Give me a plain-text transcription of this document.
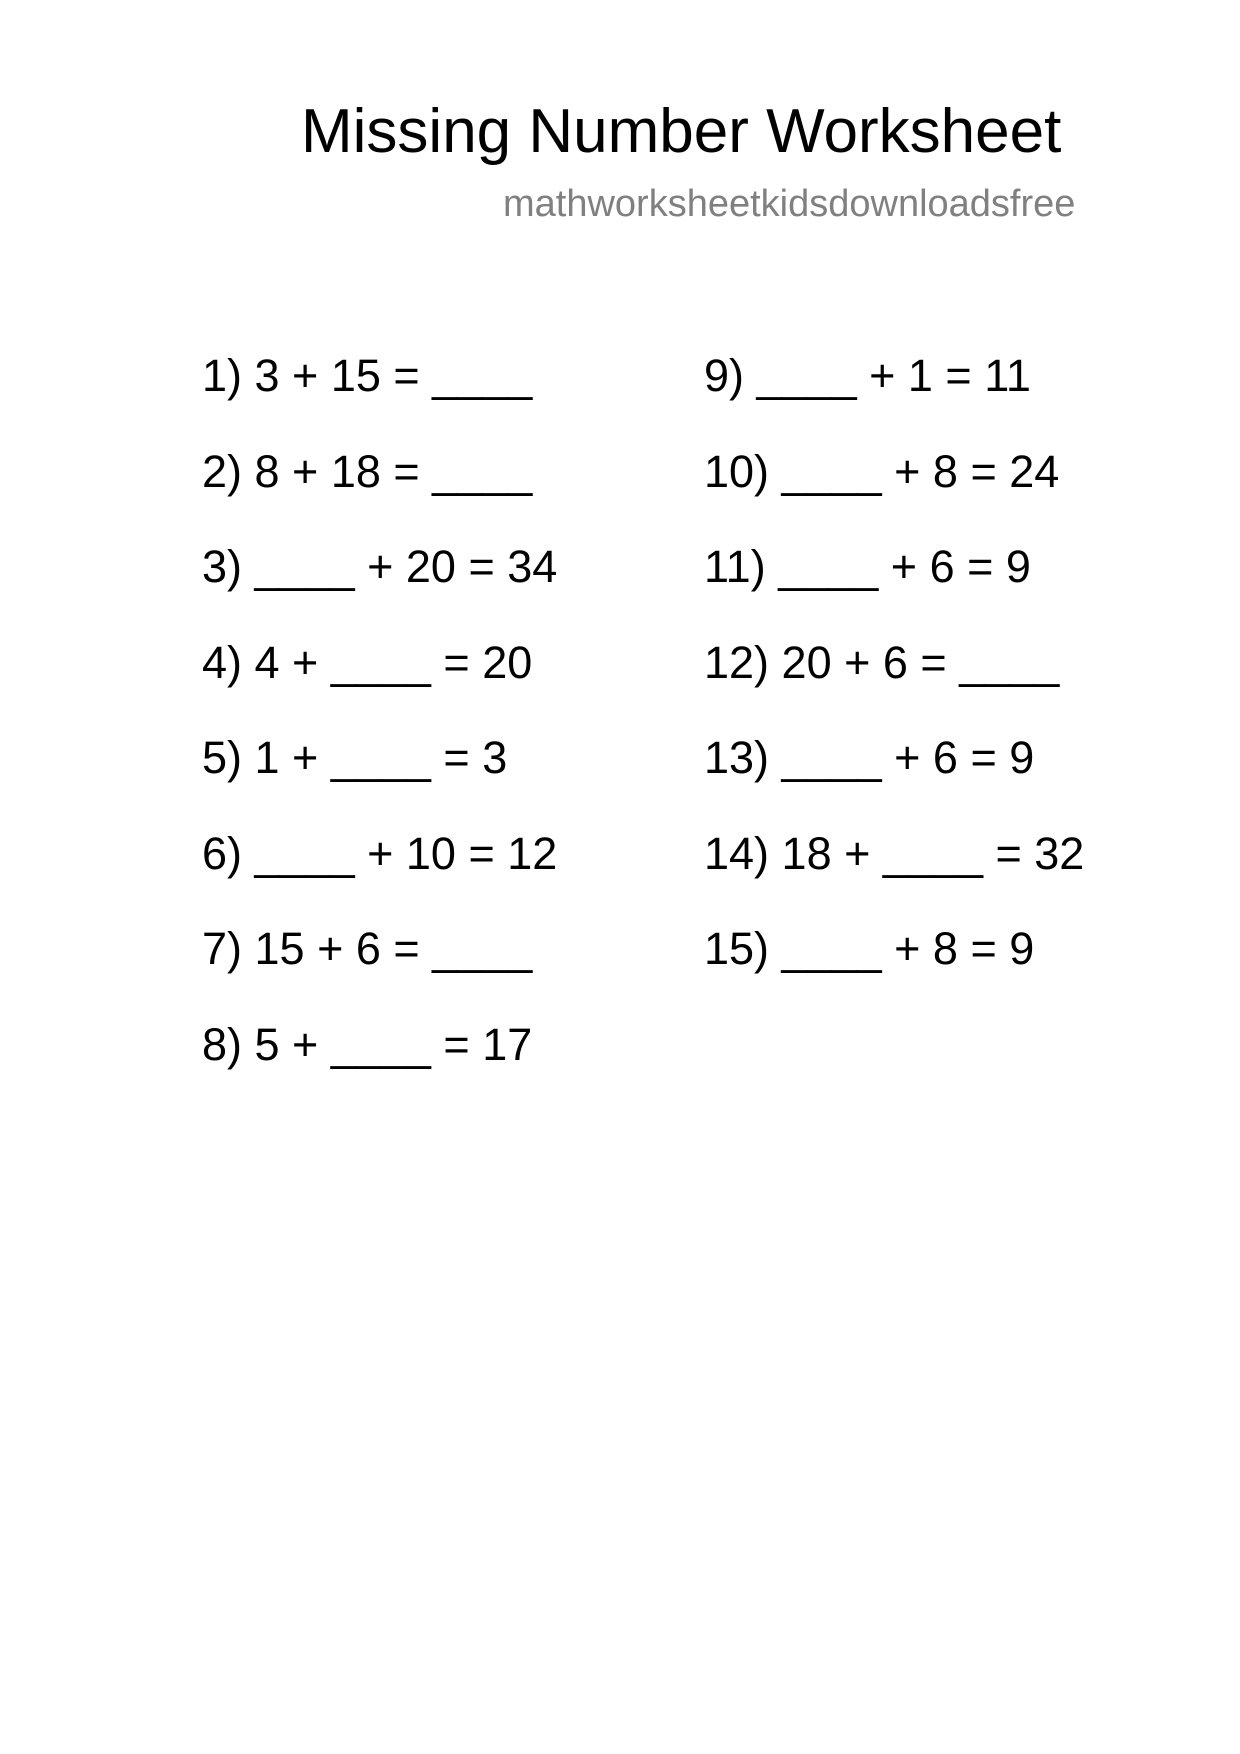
Missing Number Worksheet
mathworksheetkidsdownloadsfree
1) 3 + 15 = ____
2) 8 + 18 = ____
3) ____ + 20 = 34
4) 4 + ____ = 20
5) 1 + ____ = 3
6) ____ + 10 = 12
7) 15 + 6 = ____
8) 5 + ____ = 17
9) ____ + 1 = 11
10) ____ + 8 = 24
11) ____ + 6 = 9
12) 20 + 6 = ____
13) ____ + 6 = 9
14) 18 + ____ = 32
15) ____ + 8 = 9
